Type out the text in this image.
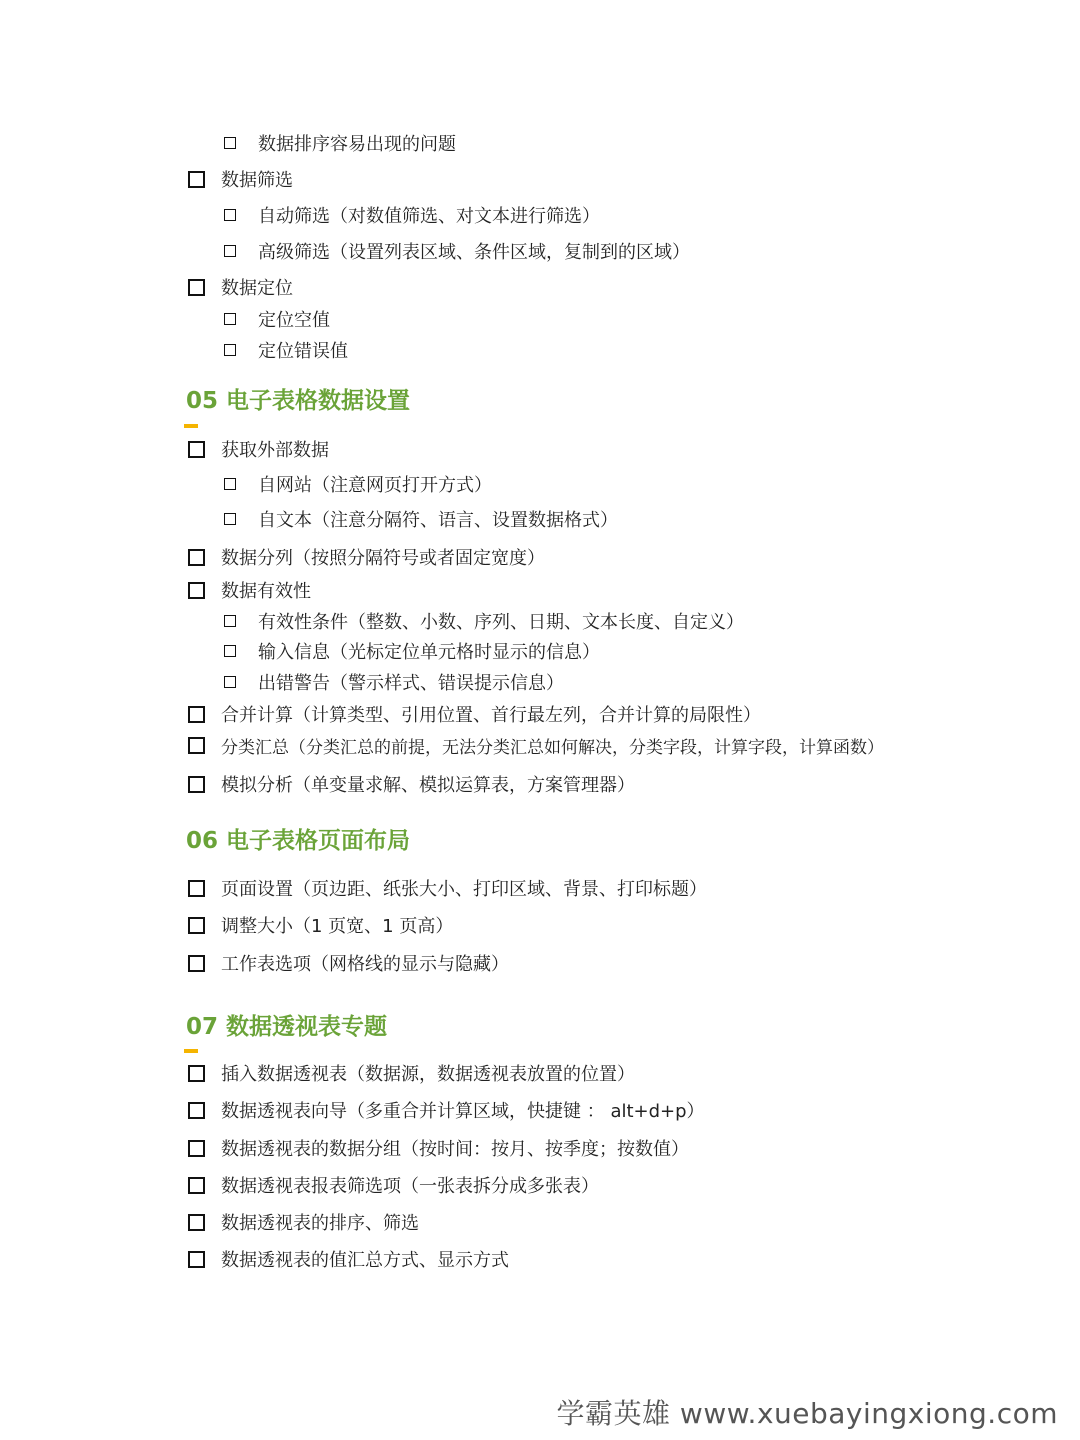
数据排序容易出现的问题
数据筛选
自动筛选（对数值筛选、对文本进行筛选）
高级筛选（设置列表区域、条件区域，复制到的区域）
数据定位
定位空值
定位错误值
05 电子表格数据设置
获取外部数据
自网站（注意网页打开方式）
自文本（注意分隔符、语言、设置数据格式）
数据分列（按照分隔符号或者固定宽度）
数据有效性
有效性条件（整数、小数、序列、日期、文本长度、自定义）
输入信息（光标定位单元格时显示的信息）
出错警告（警示样式、错误提示信息）
合并计算（计算类型、引用位置、首行最左列，合并计算的局限性）
分类汇总（分类汇总的前提，无法分类汇总如何解决，分类字段，计算字段，计算函数）
模拟分析（单变量求解、模拟运算表，方案管理器）
06 电子表格页面布局
页面设置（页边距、纸张大小、打印区域、背景、打印标题）
调整大小（1 页宽、1 页高）
工作表选项（网格线的显示与隐藏）
07 数据透视表专题
插入数据透视表（数据源，数据透视表放置的位置）
数据透视表向导（多重合并计算区域，快捷键 ： alt+d+p）
数据透视表的数据分组（按时间：按月、按季度；按数值）
数据透视表报表筛选项（一张表拆分成多张表）
数据透视表的排序、筛选
数据透视表的值汇总方式、显示方式
学霸英雄 www.xuebayingxiong.com
